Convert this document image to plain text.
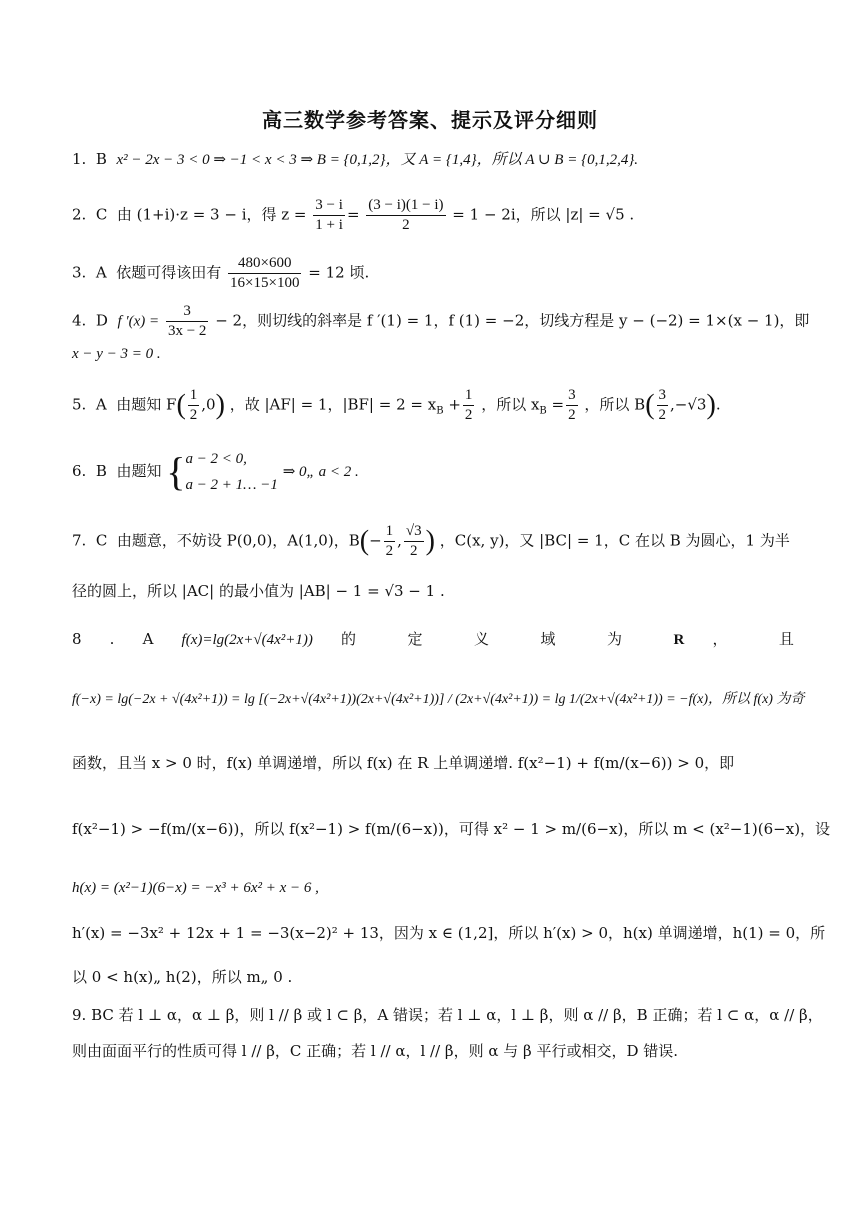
高三数学参考答案、提示及评分细则
1. B x² − 2x − 3 < 0 ⇒ −1 < x < 3 ⇒ B = {0,1,2}，又 A = {1,4}，所以 A ∪ B = {0,1,2,4}.
2. C 由 (1+i)·z = 3 − i，得 $z = \frac{3 - i}{1 + i} = \frac{(3 - i)(1 - i)}{2} = 1 - 2i$，所以 |z| = √5 .
3. A 依题可得该田有 $\frac{480\times 600}{16\times 15\times 100} = 12$ 顷.
4. D f $'(x) = \frac{3}{3x - 2} - 2$，则切线的斜率是 f ′(1) = 1，f (1) = −2，切线方程是 y − (−2) = 1×(x − 1)，即
x − y − 3 = 0 .
5. A 由题知 $F( \frac{1}{2} ,0)$ ，故 |AF| = 1，$|BF| = 2 = x_B + \frac{1}{2}$ ，所以 $x_B = \frac{3}{2}$ ，所以 $B( \frac{3}{2} ,-√3)$.
6. B 由题知 { a − 2 < 0,
a − 2 + 1… −1
⇒ 0„ a < 2 .
7. C 由题意，不妨设 P(0,0)，A(1,0)，$B(- \frac{1}{2}$ , $\frac{√3}{2}$ ) ，C(x, y)，又 |BC| = 1，C 在以 B 为圆心，1 为半
径的圆上，所以 |AC| 的最小值为 |AB| − 1 = √3 − 1 .
8 . A f(x)=lg(2x+√(4x²+1)) 的 定 义 域 为 R ， 且
f(−x) = lg(−2x + √(4x²+1)) = lg [(−2x+√(4x²+1))(2x+√(4x²+1))] / (2x+√(4x²+1)) = lg 1/(2x+√(4x²+1)) = −f(x)，所以 f(x) 为奇
函数，且当 x > 0 时，f(x) 单调递增，所以 f(x) 在 R 上单调递增. f(x²−1) + f(m/(x−6)) > 0，即
f(x²−1) > −f(m/(x−6))，所以 f(x²−1) > f(m/(6−x))，可得 x² − 1 > m/(6−x)，所以 m < (x²−1)(6−x)，设
h(x) = (x²−1)(6−x) = −x³ + 6x² + x − 6 ,
h′(x) = −3x² + 12x + 1 = −3(x−2)² + 13，因为 x ∈ (1,2]，所以 h′(x) > 0，h(x) 单调递增，h(1) = 0，所
以 0 < h(x)„ h(2)，所以 m„ 0 .
9. BC 若 l ⊥ α，α ⊥ β，则 l // β 或 l ⊂ β，A 错误；若 l ⊥ α，l ⊥ β，则 α // β，B 正确；若 l ⊂ α，α // β，
则由面面平行的性质可得 l // β，C 正确；若 l // α，l // β，则 α 与 β 平行或相交，D 错误.
